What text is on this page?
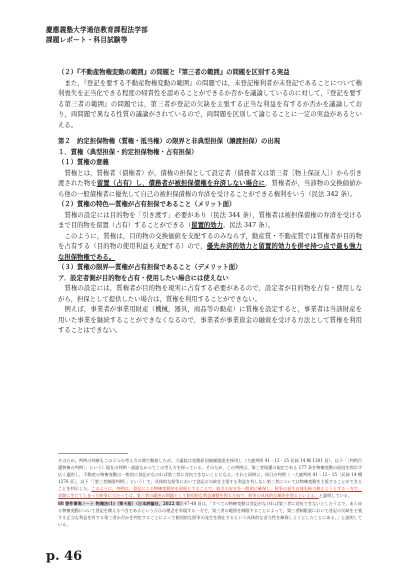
慶應義塾大学通信教育課程法学部
課題レポート・科目試験等

（２）『不動産物権変動の範囲』の問題と『第三者の範囲』の問題を区別する実益

また，『登記を要する不動産物権変動の範囲』の問題では，未登記権利者が未登記であることについて権利喪失を正当化できる程度の帰責性を認めることができるか否かを議論しているのに対して，『登記を要する第三者の範囲』の問題では，第三者が登記の欠缺を主張する正当な利益を有するか否かを議論しており，両問題で異なる性質の議論がされているので，両問題を区別して論じることに一定の実益があるといえる。

第２　約定担保物権（質権・抵当権）の限界と非典型担保（譲渡担保）の出現

１．質権（典型担保・約定担保物権・占有担保）

（１）質権の意義

質権とは，質権者（債権者）が，債権の担保として設定者（債務者又は第三者［物上保証人］）から引き渡された物を留置（占有）し，債務者が被担保債権を弁済しない場合に，質権者が，当該物の交換価値から他の一般債権者に優先して自己の被担保債権の弁済を受けることができる権利をいう（民法 342 条）。

（２）質権の特色―質権が占有担保であること（メリット面）

質権の設定には目的物を「引き渡す」必要があり（民法 344 条），質権者は被担保債権の弁済を受けるまで目的物を留置（占有）することができる（留置的効力。民法 347 条）。

このように，質権は，目的物の交換価値を支配するのみならず，動産質・不動産質では質権者が目的物を占有する（目的物の使用利益も支配する）ので，優先弁済的効力と留置的効力を併せ持つ点で最も強力な担保物権である。

（３）質権の限界―質権が占有担保であること（デメリット面）

ア．設定者側が目的物を占有・使用したい場合には使えない

質権の設定には，質権者が目的物を現実に占有する必要があるので，設定者が目的物を占有・使用しながら，担保として提供したい場合は，質権を利用することができない。

例えば，事業者が事業用財産（機械，器具，商品等の動産）に質権を設定すると，事業者は当該財産を用いた事業を継続することができなくなるので，事業者が事業資金の融資を受ける方法として質権を利用することはできない。

そのため，判例の判断もこの２つの考え方の間で動揺したが，大審院は変動原因無制限説を採用し（大連判明 41・12・15 民録 14 輯 1301 頁），以下「［判例百選物権の判例］」という）現在の判例・通説もかつてこの考え方を採っている。そのため，この判例は，第三者保護の規定である 177 条を物権変動の原因を問わず広く適用し，不動産の物権変動は一般的に登記がなければ第三者に対抗できないことになる。それと同時に，同日の判例（一大連判明 41・12・15［民録 14 輯 1276 頁］，以下「［第三者制限判例］」という）で，具体的な紛争において登記の欠缺を主張する利益を有しない第三者については物権変動を主張することができることを判示した。このように，判例は，登記による物権変動決を原則とすることで，取引の安全を一般的に確保し，紛争の発生自体を極力抑えようとする一方で，実際に生じてしまった紛争に当たっては，第三者の範囲の問題として個別的な利益調整を図る方向で，紛争の具体的な解決を図るといえる。と説明している。

88 要件事実ノート 物権法(1)（第４版）（日本評論社，2022 年）47-48 頁は，「すべての物権変動は登記がなければ第三者に対抗できないとしたうえで，あらゆる物権変動について登記を備えるべきであるという公示の理念を実現する一方で，第三者の範囲を制限することによって，第三者制限説において登記の欠缺を主張する正当な利益を有する第三者か否かを判定することによって個別的な紛争の発生を抑止するという具体的な妥当性を確保しようとしたことにある。」と説明している。

p. 46
